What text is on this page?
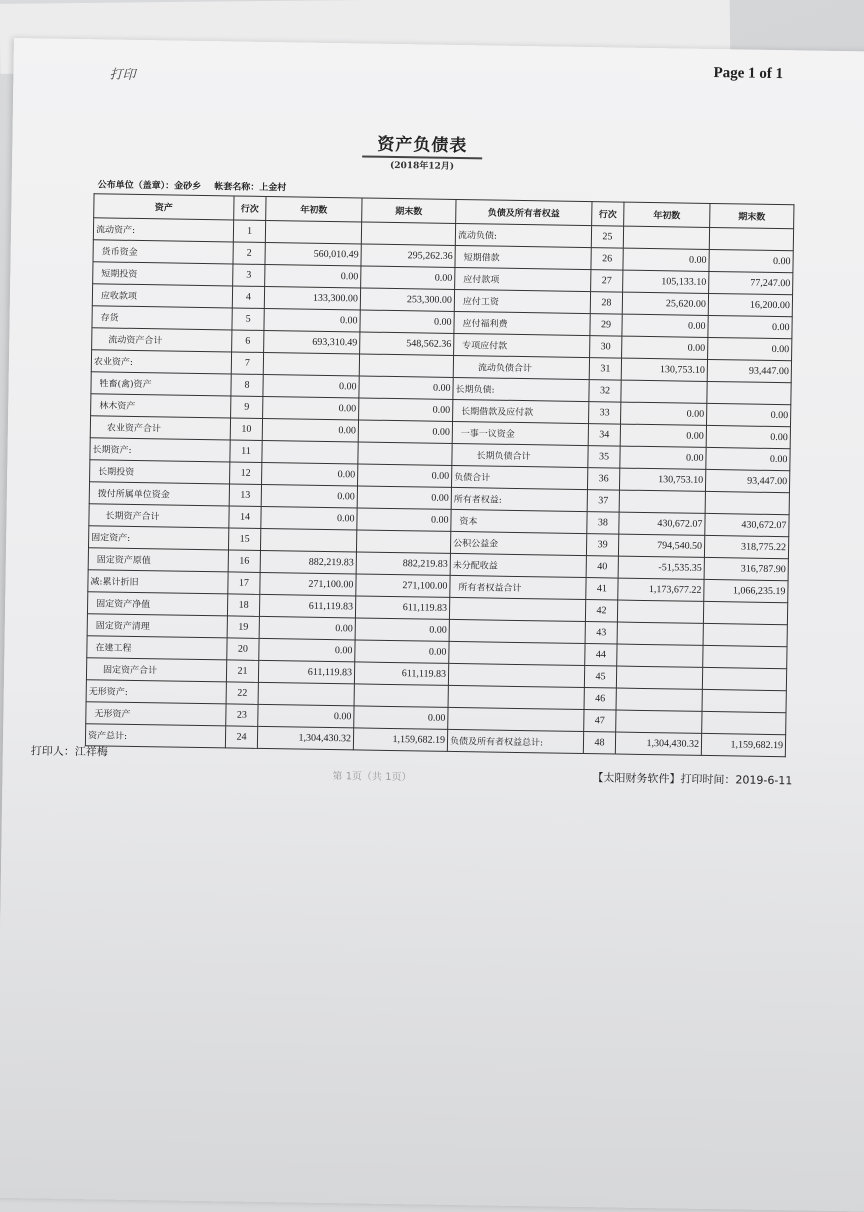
打印	Page 1 of 1
资产负债表
(2018年12月)
公布单位（盖章）：金砂乡 帐套名称：上金村
资产	行次	年初数	期末数	负债及所有者权益	行次	年初数	期末数
流动资产:	1			流动负债:	25		
货币资金	2	560,010.49	295,262.36	短期借款	26	0.00	0.00
短期投资	3	0.00	0.00	应付款项	27	105,133.10	77,247.00
应收款项	4	133,300.00	253,300.00	应付工资	28	25,620.00	16,200.00
存货	5	0.00	0.00	应付福利费	29	0.00	0.00
流动资产合计	6	693,310.49	548,562.36	专项应付款	30	0.00	0.00
农业资产:	7			流动负债合计	31	130,753.10	93,447.00
牲畜(禽)资产	8	0.00	0.00	长期负债:	32		
林木资产	9	0.00	0.00	长期借款及应付款	33	0.00	0.00
农业资产合计	10	0.00	0.00	一事一议资金	34	0.00	0.00
长期资产:	11			长期负债合计	35	0.00	0.00
长期投资	12	0.00	0.00	负债合计	36	130,753.10	93,447.00
拨付所属单位资金	13	0.00	0.00	所有者权益:	37		
长期资产合计	14	0.00	0.00	资本	38	430,672.07	430,672.07
固定资产:	15			公积公益金	39	794,540.50	318,775.22
固定资产原值	16	882,219.83	882,219.83	未分配收益	40	-51,535.35	316,787.90
减:累计折旧	17	271,100.00	271,100.00	所有者权益合计	41	1,173,677.22	1,066,235.19
固定资产净值	18	611,119.83	611,119.83		42		
固定资产清理	19	0.00	0.00		43		
在建工程	20	0.00	0.00		44		
固定资产合计	21	611,119.83	611,119.83		45		
无形资产:	22				46		
无形资产	23	0.00	0.00		47		
资产总计:	24	1,304,430.32	1,159,682.19	负债及所有者权益总计:	48	1,304,430.32	1,159,682.19
打印人：江祥梅
第 1页（共 1页）	【太阳财务软件】打印时间：2019-6-11
